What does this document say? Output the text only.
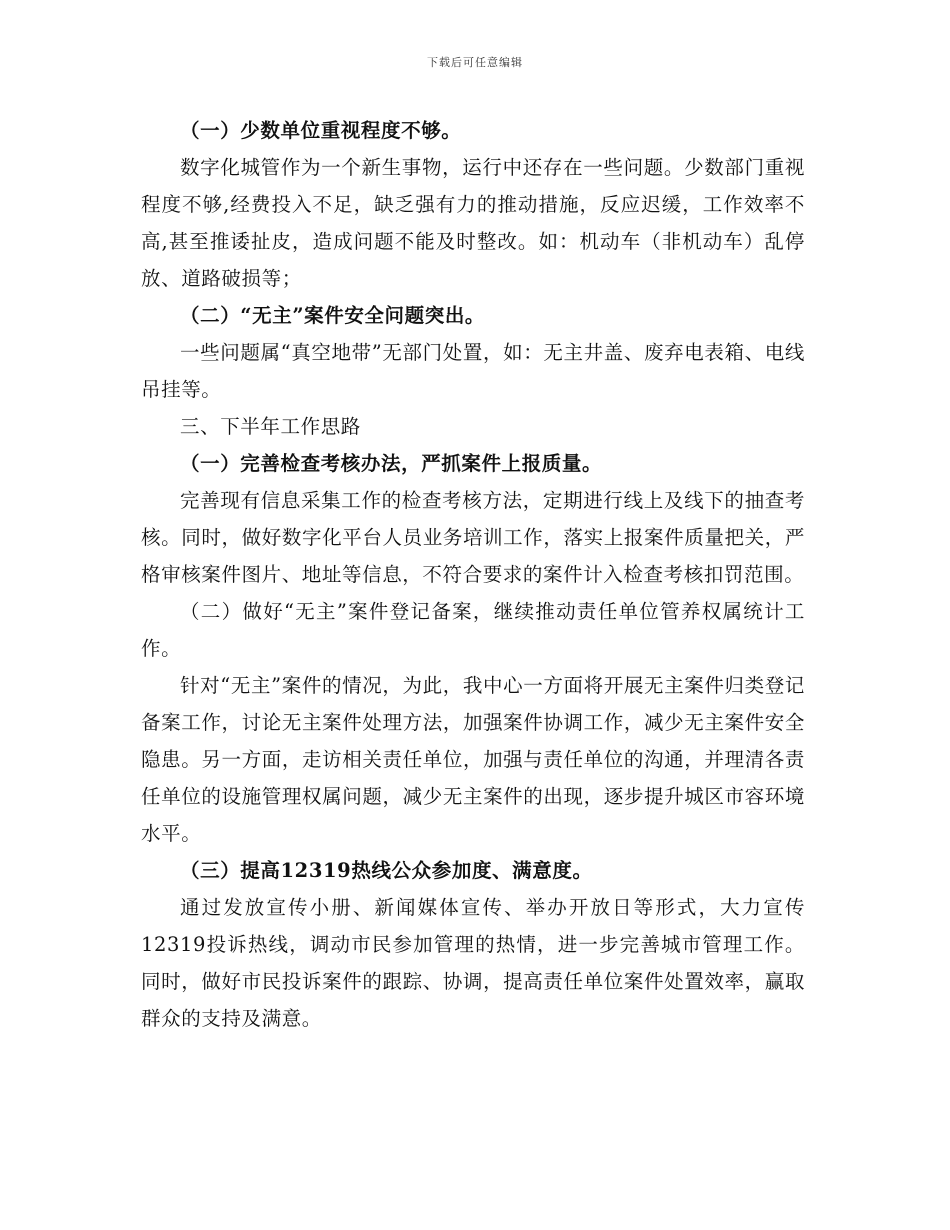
下载后可任意编辑

（一）少数单位重视程度不够。

数字化城管作为一个新生事物，运行中还存在一些问题。少数部门重视程度不够,经费投入不足，缺乏强有力的推动措施，反应迟缓，工作效率不高,甚至推诿扯皮，造成问题不能及时整改。如：机动车（非机动车）乱停放、道路破损等；

（二）“无主”案件安全问题突出。

一些问题属“真空地带”无部门处置，如：无主井盖、废弃电表箱、电线吊挂等。

三、下半年工作思路

（一）完善检查考核办法，严抓案件上报质量。

完善现有信息采集工作的检查考核方法，定期进行线上及线下的抽查考核。同时，做好数字化平台人员业务培训工作，落实上报案件质量把关，严格审核案件图片、地址等信息，不符合要求的案件计入检查考核扣罚范围。

（二）做好“无主”案件登记备案，继续推动责任单位管养权属统计工作。

针对“无主”案件的情况，为此，我中心一方面将开展无主案件归类登记备案工作，讨论无主案件处理方法，加强案件协调工作，减少无主案件安全隐患。另一方面，走访相关责任单位，加强与责任单位的沟通，并理清各责任单位的设施管理权属问题，减少无主案件的出现，逐步提升城区市容环境水平。

（三）提高12319热线公众参加度、满意度。

通过发放宣传小册、新闻媒体宣传、举办开放日等形式，大力宣传12319投诉热线，调动市民参加管理的热情，进一步完善城市管理工作。同时，做好市民投诉案件的跟踪、协调，提高责任单位案件处置效率，赢取群众的支持及满意。
